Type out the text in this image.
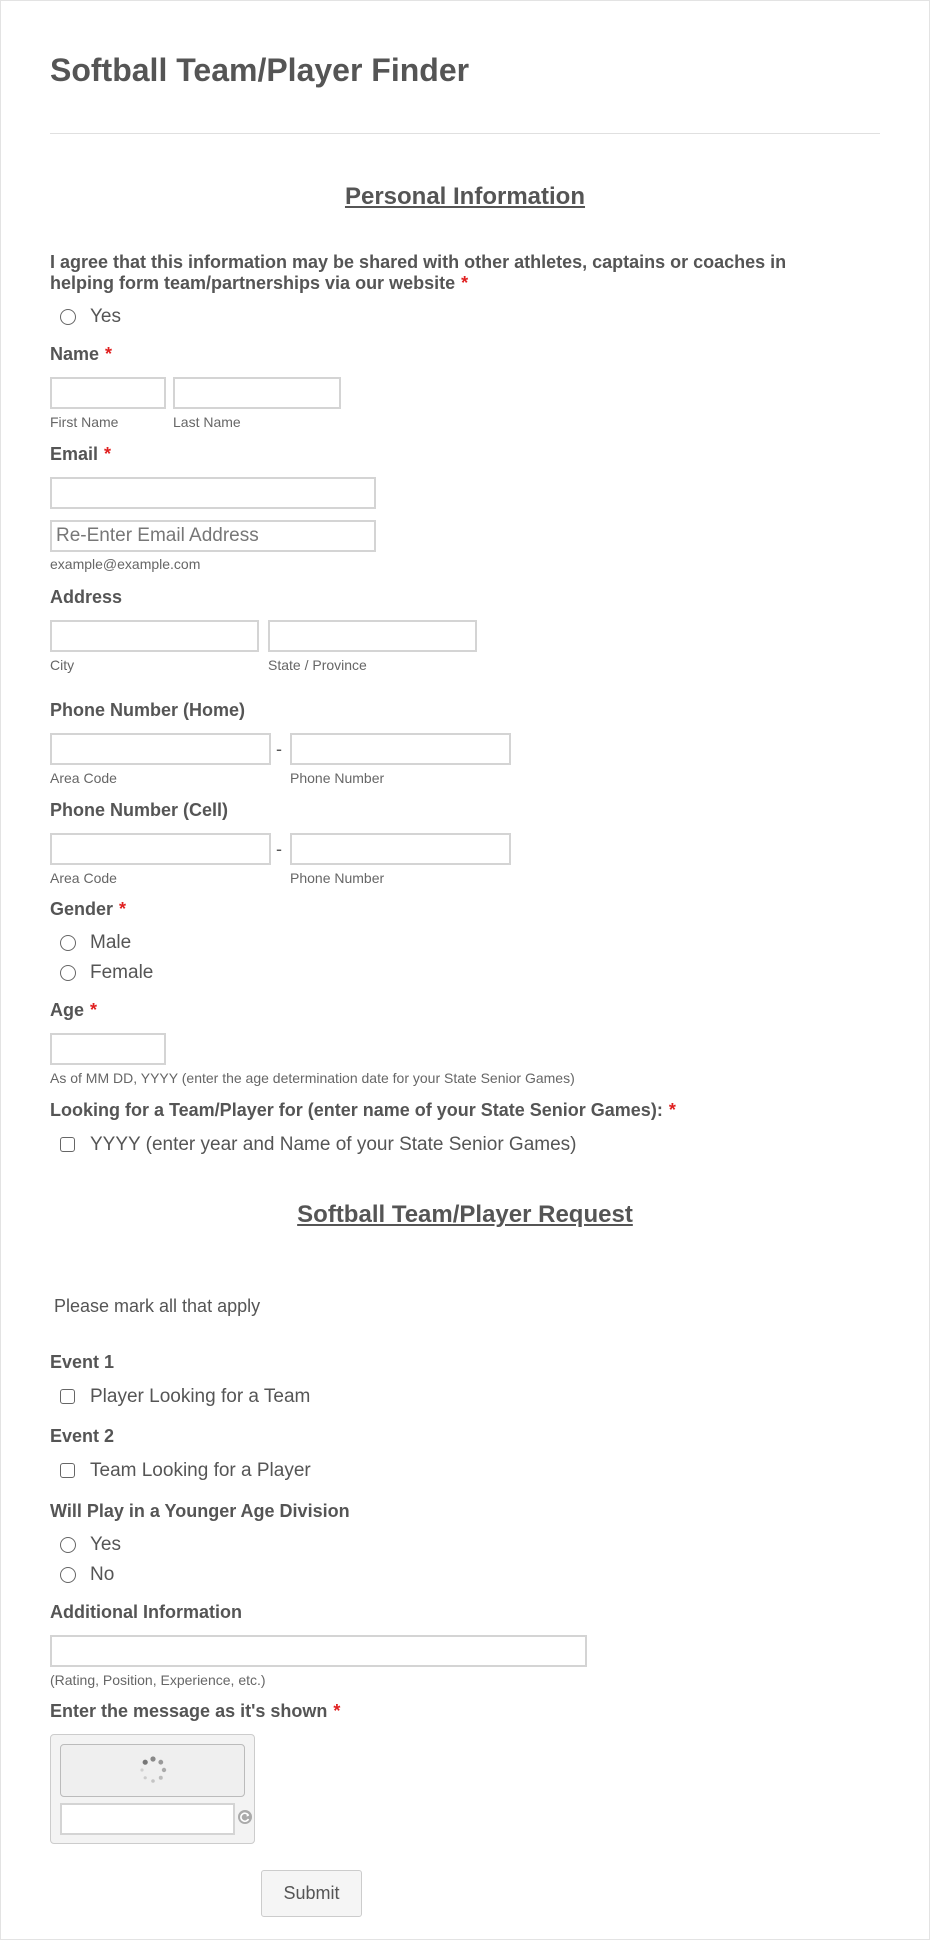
Softball Team/Player Finder
Personal Information
I agree that this information may be shared with other athletes, captains or coaches in helping form team/partnerships via our website *
Yes
Name *
First Name	Last Name
Email *
Re-Enter Email Address
example@example.com
Address
City	State / Province
Phone Number (Home)
-
Area Code	Phone Number
Phone Number (Cell)
-
Area Code	Phone Number
Gender *
Male
Female
Age *
As of MM DD, YYYY (enter the age determination date for your State Senior Games)
Looking for a Team/Player for (enter name of your State Senior Games): *
YYYY (enter year and Name of your State Senior Games)
Softball Team/Player Request
Please mark all that apply
Event 1
Player Looking for a Team
Event 2
Team Looking for a Player
Will Play in a Younger Age Division
Yes
No
Additional Information
(Rating, Position, Experience, etc.)
Enter the message as it's shown *
Submit
